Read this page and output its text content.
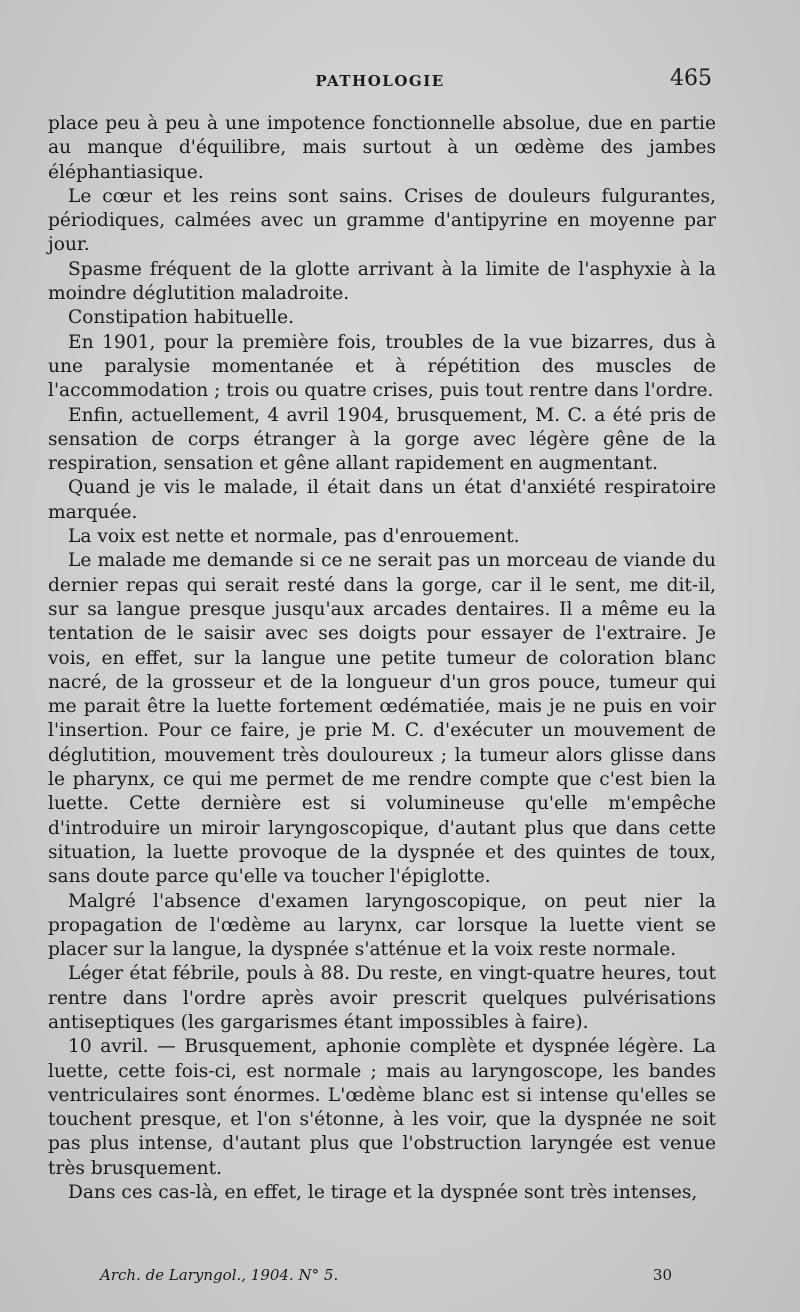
PATHOLOGIE	465

place peu à peu à une impotence fonctionnelle absolue, due en partie au manque d'équilibre, mais surtout à un œdème des jambes éléphantiasique.

Le cœur et les reins sont sains. Crises de douleurs fulgurantes, périodiques, calmées avec un gramme d'antipyrine en moyenne par jour.

Spasme fréquent de la glotte arrivant à la limite de l'asphyxie à la moindre déglutition maladroite.

Constipation habituelle.

En 1901, pour la première fois, troubles de la vue bizarres, dus à une paralysie momentanée et à répétition des muscles de l'accommodation ; trois ou quatre crises, puis tout rentre dans l'ordre.

Enfin, actuellement, 4 avril 1904, brusquement, M. C. a été pris de sensation de corps étranger à la gorge avec légère gêne de la respiration, sensation et gêne allant rapidement en augmentant.

Quand je vis le malade, il était dans un état d'anxiété respiratoire marquée.

La voix est nette et normale, pas d'enrouement.

Le malade me demande si ce ne serait pas un morceau de viande du dernier repas qui serait resté dans la gorge, car il le sent, me dit-il, sur sa langue presque jusqu'aux arcades dentaires. Il a même eu la tentation de le saisir avec ses doigts pour essayer de l'extraire. Je vois, en effet, sur la langue une petite tumeur de coloration blanc nacré, de la grosseur et de la longueur d'un gros pouce, tumeur qui me parait être la luette fortement œdématiée, mais je ne puis en voir l'insertion. Pour ce faire, je prie M. C. d'exécuter un mouvement de déglutition, mouvement très douloureux ; la tumeur alors glisse dans le pharynx, ce qui me permet de me rendre compte que c'est bien la luette. Cette dernière est si volumineuse qu'elle m'empêche d'introduire un miroir laryngoscopique, d'autant plus que dans cette situation, la luette provoque de la dyspnée et des quintes de toux, sans doute parce qu'elle va toucher l'épiglotte.

Malgré l'absence d'examen laryngoscopique, on peut nier la propagation de l'œdème au larynx, car lorsque la luette vient se placer sur la langue, la dyspnée s'atténue et la voix reste normale.

Léger état fébrile, pouls à 88. Du reste, en vingt-quatre heures, tout rentre dans l'ordre après avoir prescrit quelques pulvérisations antiseptiques (les gargarismes étant impossibles à faire).

10 avril. — Brusquement, aphonie complète et dyspnée légère. La luette, cette fois-ci, est normale ; mais au laryngoscope, les bandes ventriculaires sont énormes. L'œdème blanc est si intense qu'elles se touchent presque, et l'on s'étonne, à les voir, que la dyspnée ne soit pas plus intense, d'autant plus que l'obstruction laryngée est venue très brusquement.

Dans ces cas-là, en effet, le tirage et la dyspnée sont très intenses,

Arch. de Laryngol., 1904. N° 5.	30
